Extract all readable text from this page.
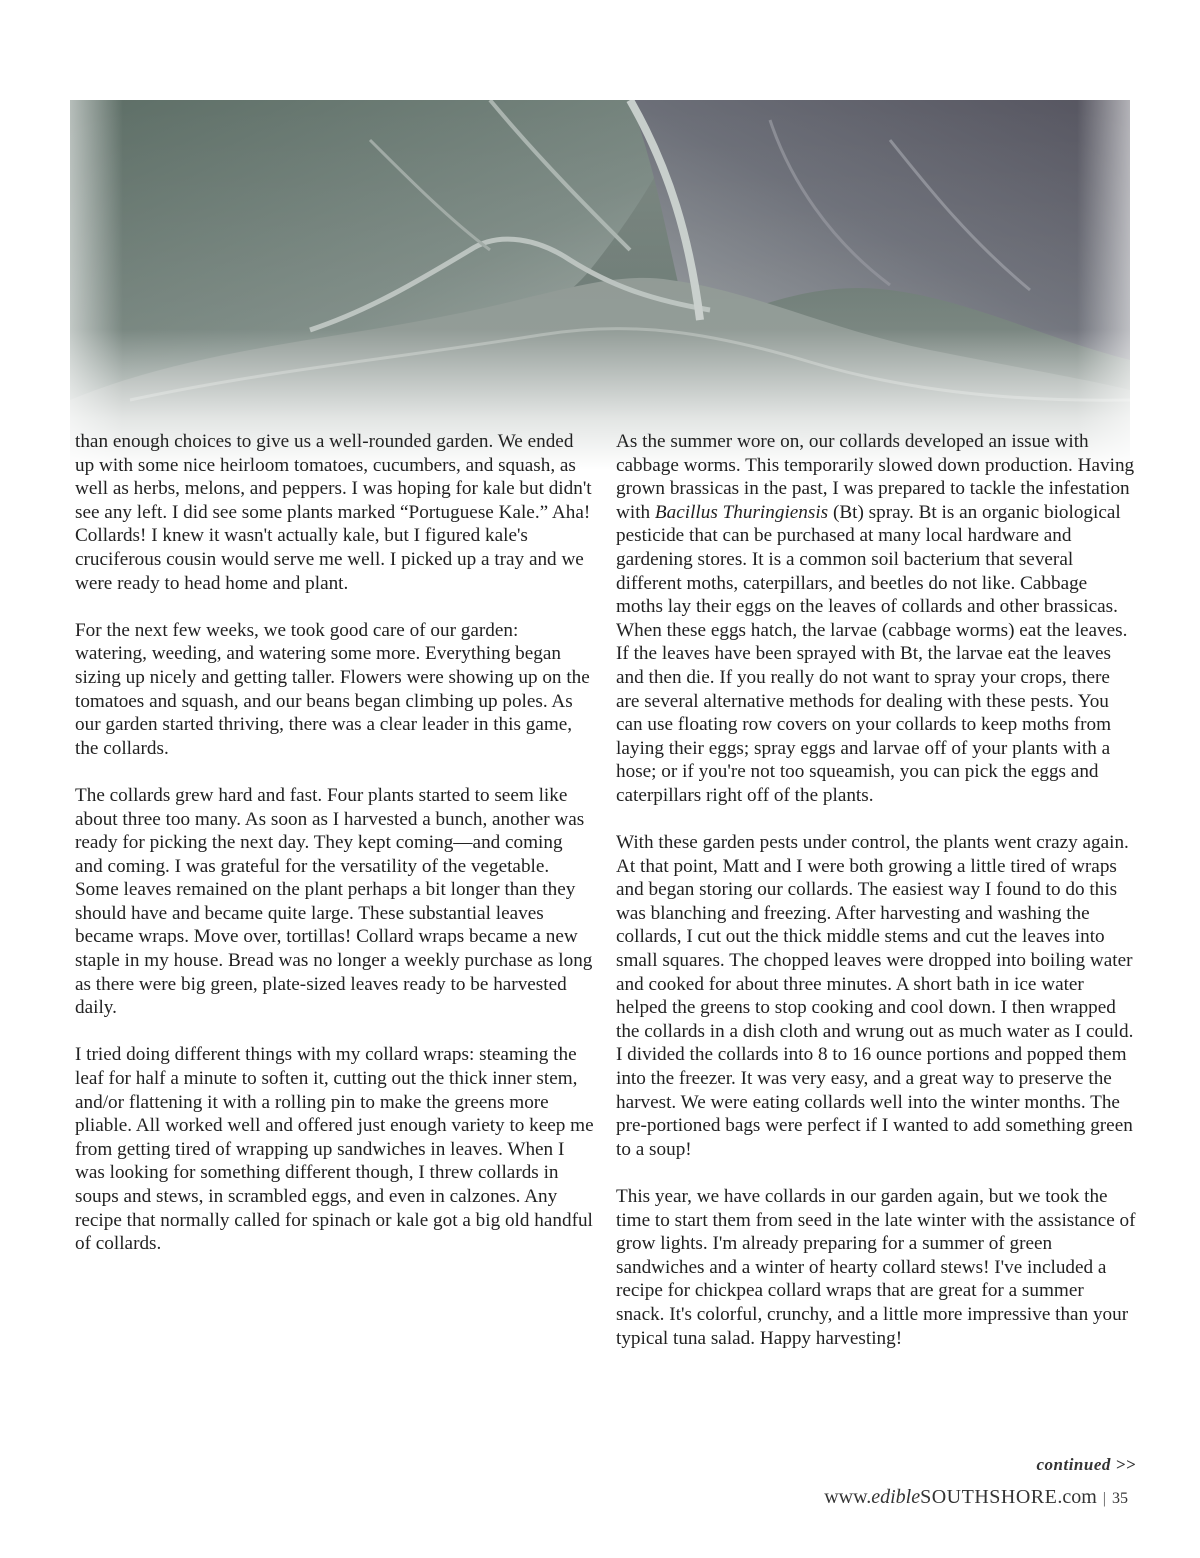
than enough choices to give us a well-rounded garden. We ended up with some nice heirloom tomatoes, cucumbers, and squash, as well as herbs, melons, and peppers. I was hoping for kale but didn't see any left. I did see some plants marked “Portuguese Kale.” Aha! Collards! I knew it wasn't actually kale, but I figured kale's cruciferous cousin would serve me well. I picked up a tray and we were ready to head home and plant.

For the next few weeks, we took good care of our garden: watering, weeding, and watering some more. Everything began sizing up nicely and getting taller. Flowers were showing up on the tomatoes and squash, and our beans began climbing up poles. As our garden started thriving, there was a clear leader in this game, the collards.

The collards grew hard and fast. Four plants started to seem like about three too many. As soon as I harvested a bunch, another was ready for picking the next day. They kept coming—and coming and coming. I was grateful for the versatility of the vegetable. Some leaves remained on the plant perhaps a bit longer than they should have and became quite large. These substantial leaves became wraps. Move over, tortillas! Collard wraps became a new staple in my house. Bread was no longer a weekly purchase as long as there were big green, plate-sized leaves ready to be harvested daily.

I tried doing different things with my collard wraps: steaming the leaf for half a minute to soften it, cutting out the thick inner stem, and/or flattening it with a rolling pin to make the greens more pliable. All worked well and offered just enough variety to keep me from getting tired of wrapping up sandwiches in leaves. When I was looking for something different though, I threw collards in soups and stews, in scrambled eggs, and even in calzones. Any recipe that normally called for spinach or kale got a big old handful of collards.

As the summer wore on, our collards developed an issue with cabbage worms. This temporarily slowed down production. Having grown brassicas in the past, I was prepared to tackle the infestation with Bacillus Thuringiensis (Bt) spray. Bt is an organic biological pesticide that can be purchased at many local hardware and gardening stores. It is a common soil bacterium that several different moths, caterpillars, and beetles do not like. Cabbage moths lay their eggs on the leaves of collards and other brassicas. When these eggs hatch, the larvae (cabbage worms) eat the leaves. If the leaves have been sprayed with Bt, the larvae eat the leaves and then die. If you really do not want to spray your crops, there are several alternative methods for dealing with these pests. You can use floating row covers on your collards to keep moths from laying their eggs; spray eggs and larvae off of your plants with a hose; or if you're not too squeamish, you can pick the eggs and caterpillars right off of the plants.

With these garden pests under control, the plants went crazy again. At that point, Matt and I were both growing a little tired of wraps and began storing our collards. The easiest way I found to do this was blanching and freezing. After harvesting and washing the collards, I cut out the thick middle stems and cut the leaves into small squares. The chopped leaves were dropped into boiling water and cooked for about three minutes. A short bath in ice water helped the greens to stop cooking and cool down. I then wrapped the collards in a dish cloth and wrung out as much water as I could. I divided the collards into 8 to 16 ounce portions and popped them into the freezer. It was very easy, and a great way to preserve the harvest. We were eating collards well into the winter months. The pre-portioned bags were perfect if I wanted to add something green to a soup!

This year, we have collards in our garden again, but we took the time to start them from seed in the late winter with the assistance of grow lights. I'm already preparing for a summer of green sandwiches and a winter of hearty collard stews! I've included a recipe for chickpea collard wraps that are great for a summer snack. It's colorful, crunchy, and a little more impressive than your typical tuna salad. Happy harvesting!

continued >>
www.edibleSOUTHSHORE.com | 35
